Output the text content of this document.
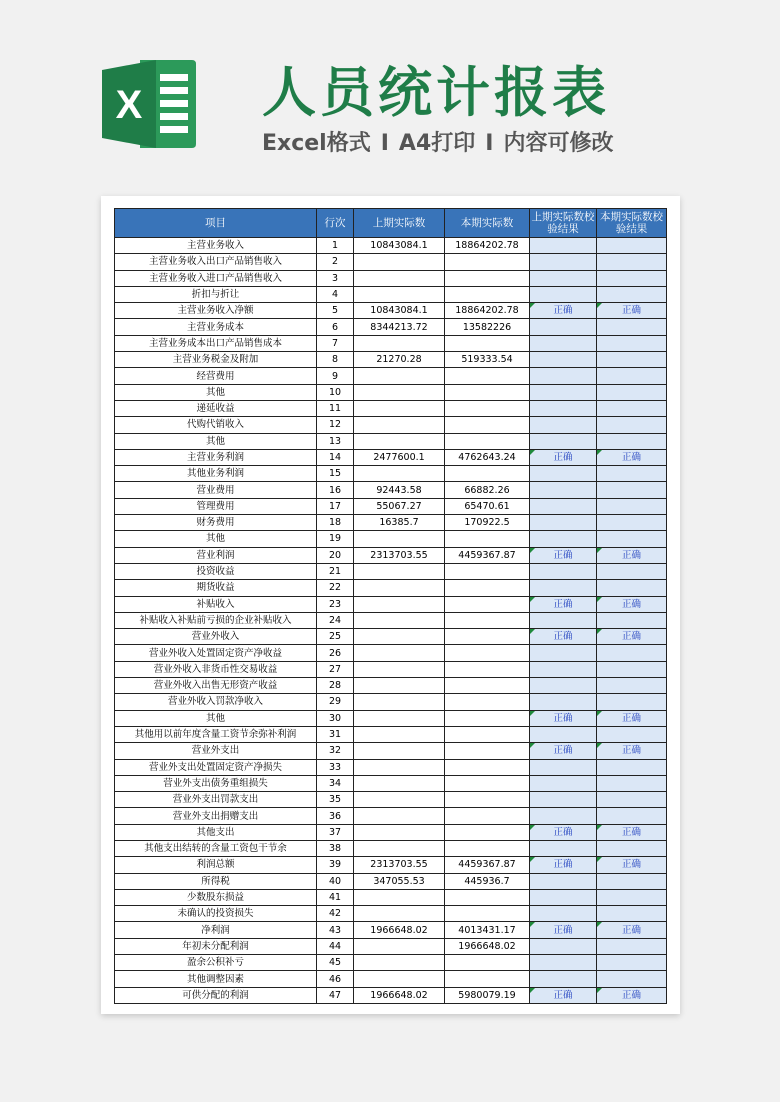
X 人员统计报表
Excel格式 I A4打印 I 内容可修改
项目	行次	上期实际数	本期实际数	上期实际数校验结果	本期实际数校验结果
主营业务收入	1	10843084.1	18864202.78		
主营业务收入出口产品销售收入	2				
主营业务收入进口产品销售收入	3				
折扣与折让	4				
主营业务收入净额	5	10843084.1	18864202.78	正确	正确
主营业务成本	6	8344213.72	13582226		
主营业务成本出口产品销售成本	7				
主营业务税金及附加	8	21270.28	519333.54		
经营费用	9				
其他	10				
递延收益	11				
代购代销收入	12				
其他	13				
主营业务利润	14	2477600.1	4762643.24	正确	正确
其他业务利润	15				
营业费用	16	92443.58	66882.26		
管理费用	17	55067.27	65470.61		
财务费用	18	16385.7	170922.5		
其他	19				
营业利润	20	2313703.55	4459367.87	正确	正确
投资收益	21				
期货收益	22				
补贴收入	23			正确	正确
补贴收入补贴前亏损的企业补贴收入	24				
营业外收入	25			正确	正确
营业外收入处置固定资产净收益	26				
营业外收入非货币性交易收益	27				
营业外收入出售无形资产收益	28				
营业外收入罚款净收入	29				
其他	30			正确	正确
其他用以前年度含量工资节余弥补利润	31				
营业外支出	32			正确	正确
营业外支出处置固定资产净损失	33				
营业外支出债务重组损失	34				
营业外支出罚款支出	35				
营业外支出捐赠支出	36				
其他支出	37			正确	正确
其他支出结转的含量工资包干节余	38				
利润总额	39	2313703.55	4459367.87	正确	正确
所得税	40	347055.53	445936.7		
少数股东损益	41				
未确认的投资损失	42				
净利润	43	1966648.02	4013431.17	正确	正确
年初未分配利润	44		1966648.02		
盈余公积补亏	45				
其他调整因素	46				
可供分配的利润	47	1966648.02	5980079.19	正确	正确
